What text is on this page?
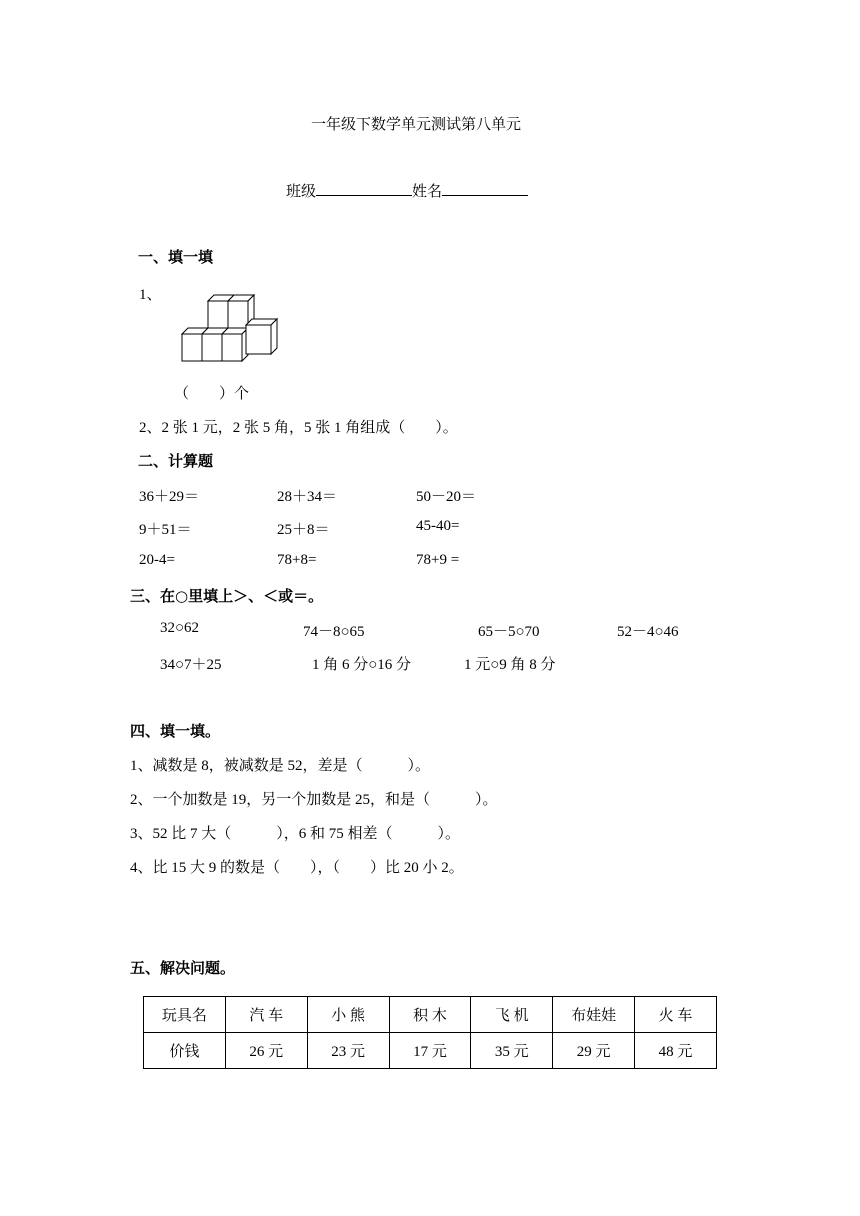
一年级下数学单元测试第八单元
班级	姓名
一、填一填
1、
（　　）个
2、2 张 1 元，2 张 5 角，5 张 1 角组成（　　）。
二、计算题
36＋29＝	28＋34＝	50－20＝
9＋51＝	25＋8＝	45-40=
20-4=	78+8=	78+9 =
三、在○里填上＞、＜或＝。
32○62	74－8○65	65－5○70	52－4○46
34○7＋25	1 角 6 分○16 分	1 元○9 角 8 分
四、填一填。
1、减数是 8，被减数是 52，差是（　　　）。
2、一个加数是 19，另一个加数是 25，和是（　　　）。
3、52 比 7 大（　　　），6 和 75 相差（　　　）。
4、比 15 大 9 的数是（　　），（　　）比 20 小 2。
五、解决问题。
玩具名	汽 车	小 熊	积 木	飞 机	布娃娃	火 车
价钱	26 元	23 元	17 元	35 元	29 元	48 元
